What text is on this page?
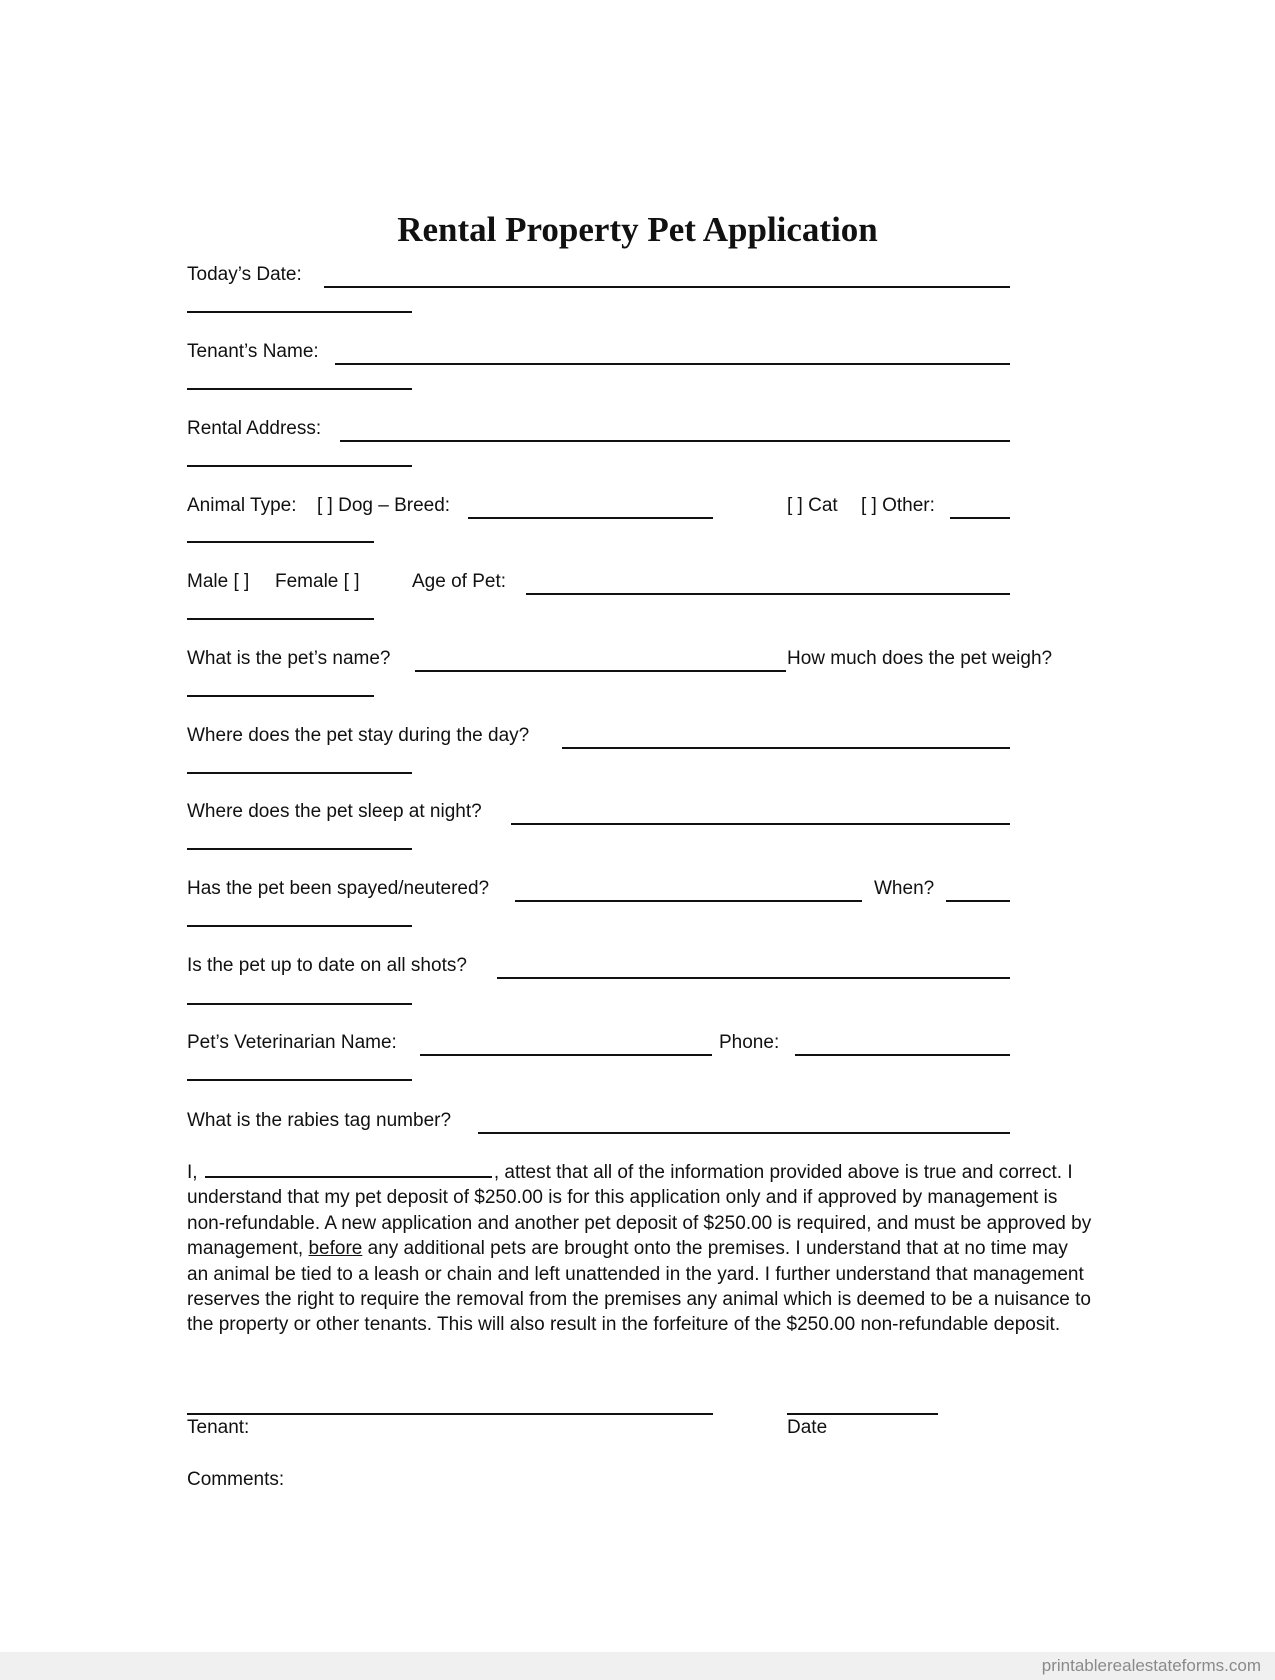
Rental Property Pet Application
Today’s Date:
Tenant’s Name:
Rental Address:
Animal Type: [ ] Dog – Breed:	[ ] Cat [ ] Other:
Male [ ] Female [ ]	Age of Pet:
What is the pet’s name?	How much does the pet weigh?
Where does the pet stay during the day?
Where does the pet sleep at night?
Has the pet been spayed/neutered?	When?
Is the pet up to date on all shots?
Pet’s Veterinarian Name:	Phone:
What is the rabies tag number?
I,	, attest that all of the information provided above is true and correct. I understand that my pet deposit of $250.00 is for this application only and if approved by management is non-refundable. A new application and another pet deposit of $250.00 is required, and must be approved by management, before any additional pets are brought onto the premises. I understand that at no time may an animal be tied to a leash or chain and left unattended in the yard. I further understand that management reserves the right to require the removal from the premises any animal which is deemed to be a nuisance to the property or other tenants. This will also result in the forfeiture of the $250.00 non-refundable deposit.
Tenant:	Date
Comments:
printablerealestateforms.com
